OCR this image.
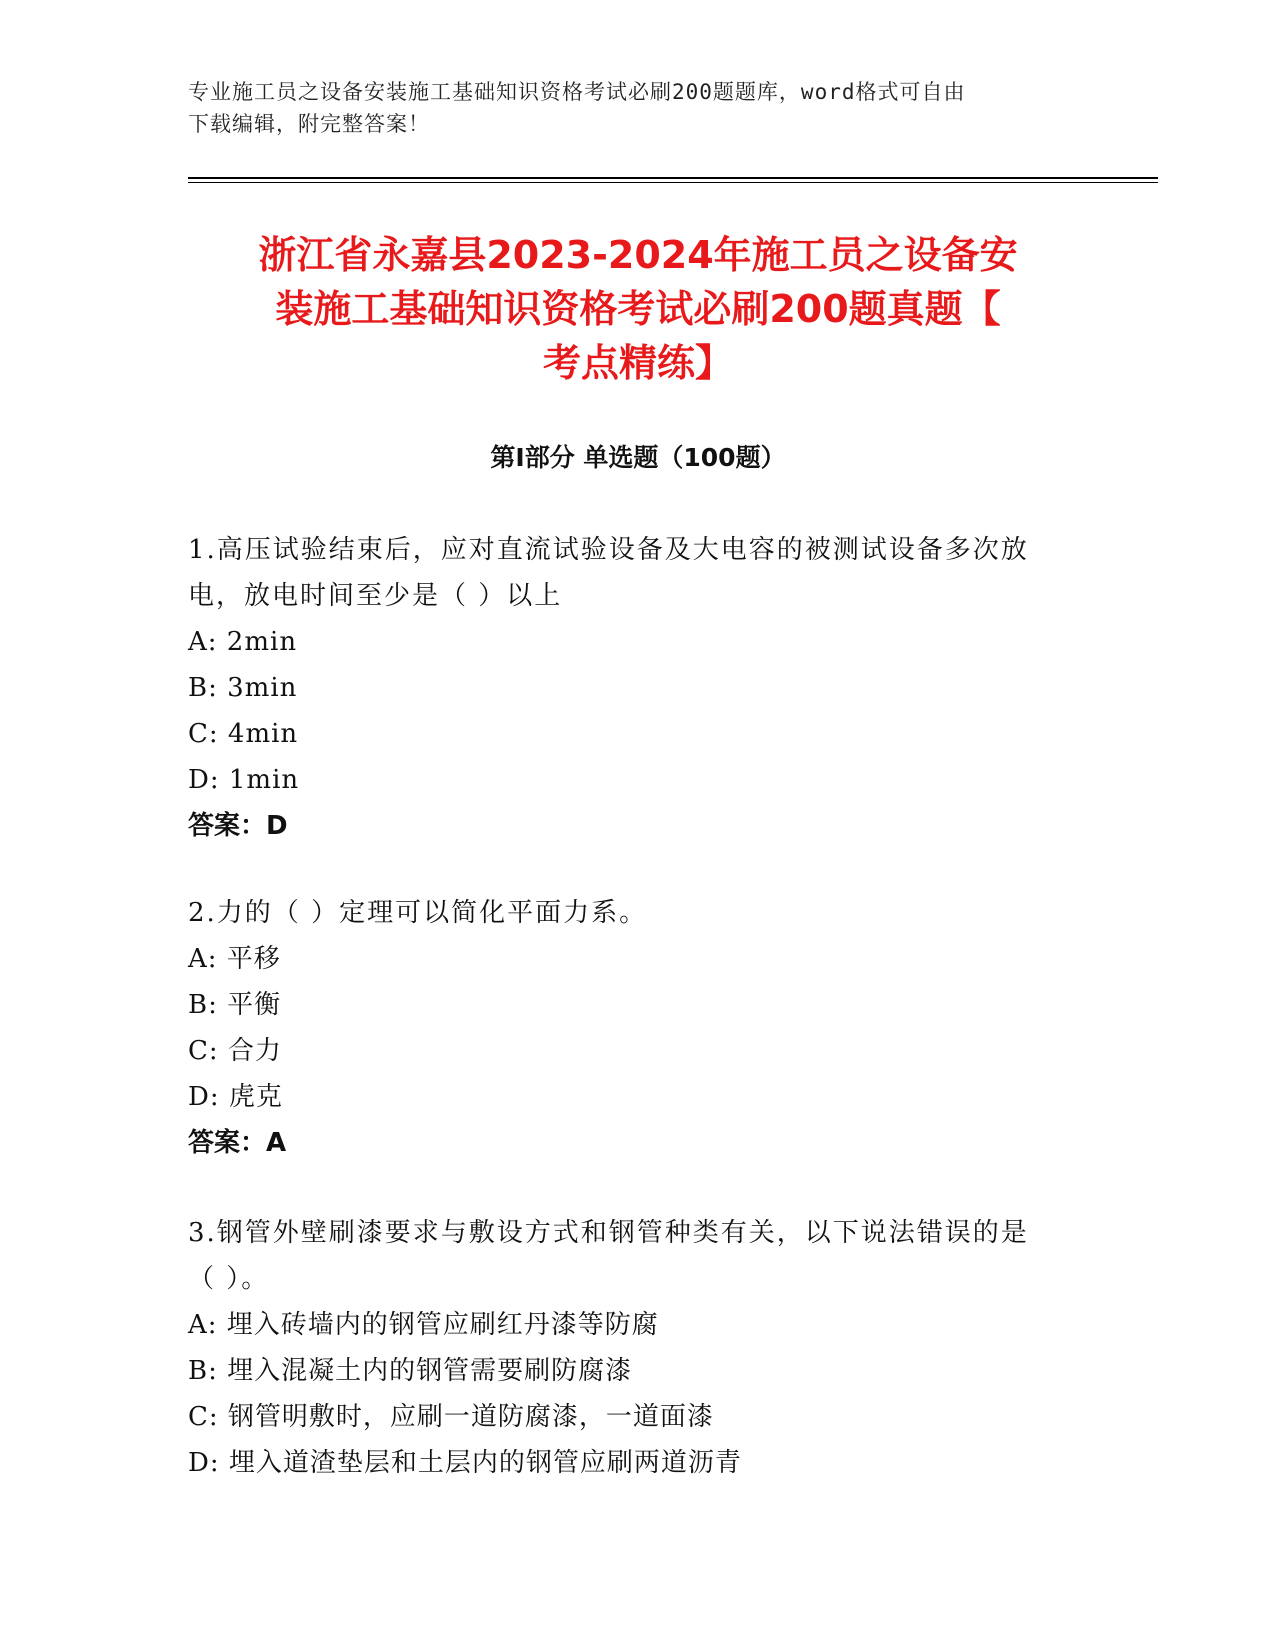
专业施工员之设备安装施工基础知识资格考试必刷200题题库，word格式可自由
下载编辑，附完整答案！
浙江省永嘉县2023-2024年施工员之设备安
装施工基础知识资格考试必刷200题真题【
考点精练】
第Ⅰ部分 单选题（100题）
1.高压试验结束后，应对直流试验设备及大电容的被测试设备多次放
电，放电时间至少是（ ）以上
A: 2min
B: 3min
C: 4min
D: 1min
答案：D
2.力的（ ）定理可以简化平面力系。
A: 平移
B: 平衡
C: 合力
D: 虎克
答案：A
3.钢管外壁刷漆要求与敷设方式和钢管种类有关，以下说法错误的是
（ ）。
A: 埋入砖墙内的钢管应刷红丹漆等防腐
B: 埋入混凝土内的钢管需要刷防腐漆
C: 钢管明敷时，应刷一道防腐漆，一道面漆
D: 埋入道渣垫层和土层内的钢管应刷两道沥青
